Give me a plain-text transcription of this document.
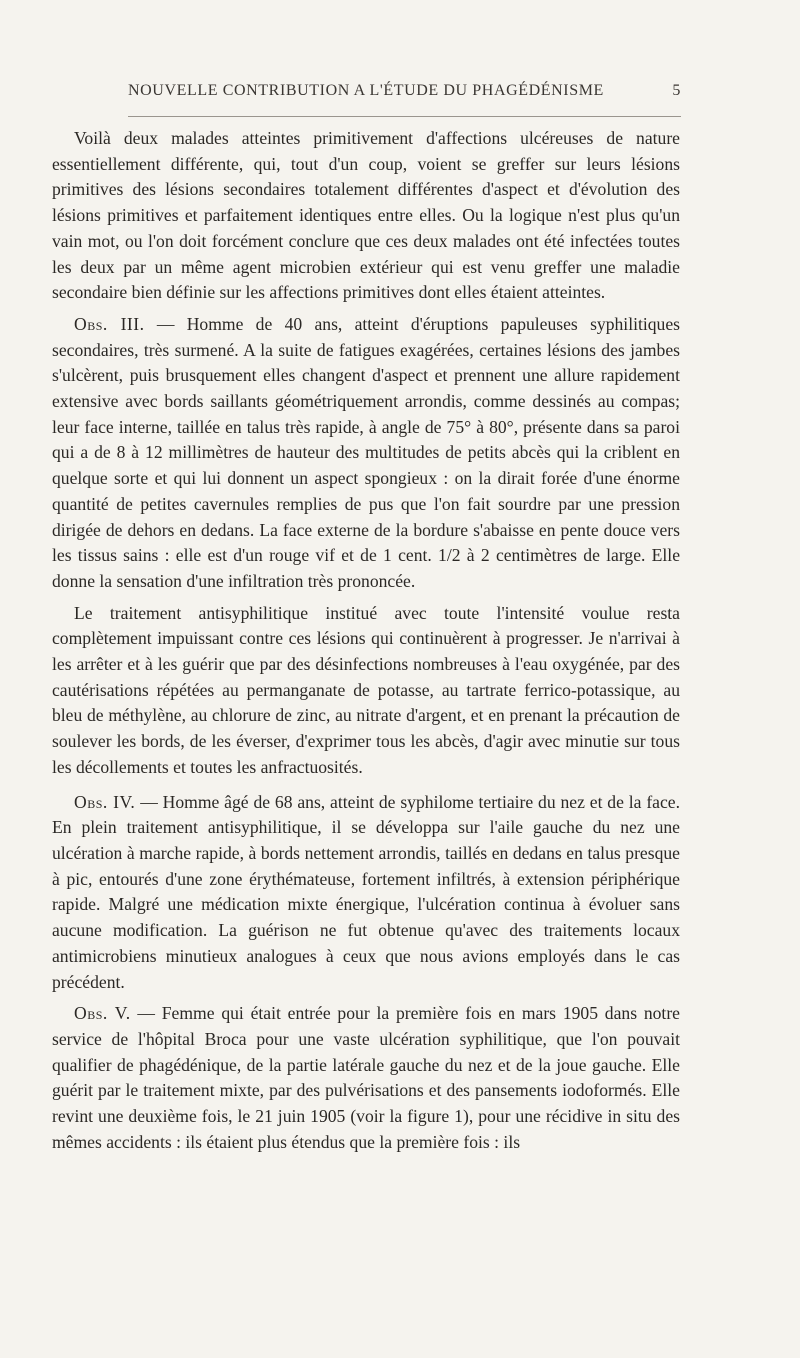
NOUVELLE CONTRIBUTION A L'ÉTUDE DU PHAGÉDÉNISME	5

Voilà deux malades atteintes primitivement d'affections ulcéreuses de nature essentiellement différente, qui, tout d'un coup, voient se greffer sur leurs lésions primitives des lésions secondaires totalement différentes d'aspect et d'évolution des lésions primitives et parfaitement identiques entre elles. Ou la logique n'est plus qu'un vain mot, ou l'on doit forcément conclure que ces deux malades ont été infectées toutes les deux par un même agent microbien extérieur qui est venu greffer une maladie secondaire bien définie sur les affections primitives dont elles étaient atteintes.

Obs. III. — Homme de 40 ans, atteint d'éruptions papuleuses syphilitiques secondaires, très surmené. A la suite de fatigues exagérées, certaines lésions des jambes s'ulcèrent, puis brusquement elles changent d'aspect et prennent une allure rapidement extensive avec bords saillants géométriquement arrondis, comme dessinés au compas; leur face interne, taillée en talus très rapide, à angle de 75° à 80°, présente dans sa paroi qui a de 8 à 12 millimètres de hauteur des multitudes de petits abcès qui la criblent en quelque sorte et qui lui donnent un aspect spongieux : on la dirait forée d'une énorme quantité de petites cavernules remplies de pus que l'on fait sourdre par une pression dirigée de dehors en dedans. La face externe de la bordure s'abaisse en pente douce vers les tissus sains : elle est d'un rouge vif et de 1 cent. 1/2 à 2 centimètres de large. Elle donne la sensation d'une infiltration très prononcée.

Le traitement antisyphilitique institué avec toute l'intensité voulue resta complètement impuissant contre ces lésions qui continuèrent à progresser. Je n'arrivai à les arrêter et à les guérir que par des désinfections nombreuses à l'eau oxygénée, par des cautérisations répétées au permanganate de potasse, au tartrate ferrico-potassique, au bleu de méthylène, au chlorure de zinc, au nitrate d'argent, et en prenant la précaution de soulever les bords, de les éverser, d'exprimer tous les abcès, d'agir avec minutie sur tous les décollements et toutes les anfractuosités.

Obs. IV. — Homme âgé de 68 ans, atteint de syphilome tertiaire du nez et de la face. En plein traitement antisyphilitique, il se développa sur l'aile gauche du nez une ulcération à marche rapide, à bords nettement arrondis, taillés en dedans en talus presque à pic, entourés d'une zone érythémateuse, fortement infiltrés, à extension périphérique rapide. Malgré une médication mixte énergique, l'ulcération continua à évoluer sans aucune modification. La guérison ne fut obtenue qu'avec des traitements locaux antimicrobiens minutieux analogues à ceux que nous avions employés dans le cas précédent.

Obs. V. — Femme qui était entrée pour la première fois en mars 1905 dans notre service de l'hôpital Broca pour une vaste ulcération syphilitique, que l'on pouvait qualifier de phagédénique, de la partie latérale gauche du nez et de la joue gauche. Elle guérit par le traitement mixte, par des pulvérisations et des pansements iodoformés. Elle revint une deuxième fois, le 21 juin 1905 (voir la figure 1), pour une récidive in situ des mêmes accidents : ils étaient plus étendus que la première fois : ils
